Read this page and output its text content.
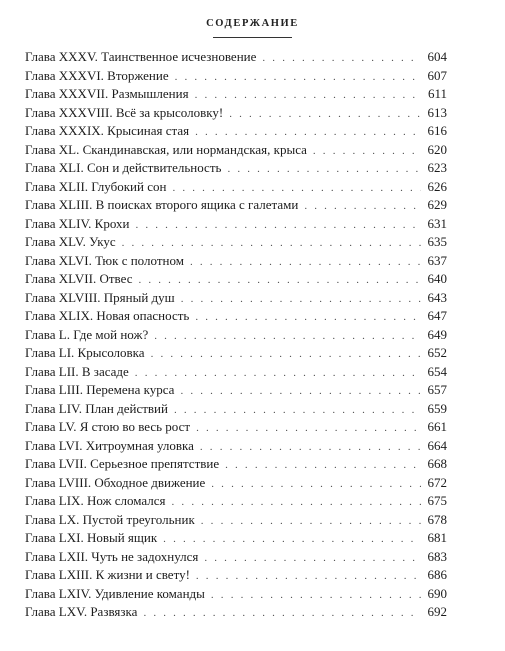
СОДЕРЖАНИЕ
Глава XXXV. Таинственное исчезновение . . .	604
Глава XXXVI. Вторжение . . .	607
Глава XXXVII. Размышления . . .	611
Глава XXXVIII. Всё за крысоловку! . . .	613
Глава XXXIX. Крысиная стая . . .	616
Глава XL. Скандинавская, или нормандская, крыса . . .	620
Глава XLI. Сон и действительность . . .	623
Глава XLII. Глубокий сон . . .	626
Глава XLIII. В поисках второго ящика с галетами . . .	629
Глава XLIV. Крохи . . .	631
Глава XLV. Укус . . .	635
Глава XLVI. Тюк с полотном . . .	637
Глава XLVII. Отвес . . .	640
Глава XLVIII. Пряный душ . . .	643
Глава XLIX. Новая опасность . . .	647
Глава L. Где мой нож? . . .	649
Глава LI. Крысоловка . . .	652
Глава LII. В засаде . . .	654
Глава LIII. Перемена курса . . .	657
Глава LIV. План действий . . .	659
Глава LV. Я стою во весь рост . . .	661
Глава LVI. Хитроумная уловка . . .	664
Глава LVII. Серьезное препятствие . . .	668
Глава LVIII. Обходное движение . . .	672
Глава LIX. Нож сломался . . .	675
Глава LX. Пустой треугольник . . .	678
Глава LXI. Новый ящик . . .	681
Глава LXII. Чуть не задохнулся . . .	683
Глава LXIII. К жизни и свету! . . .	686
Глава LXIV. Удивление команды . . .	690
Глава LXV. Развязка . . .	692
